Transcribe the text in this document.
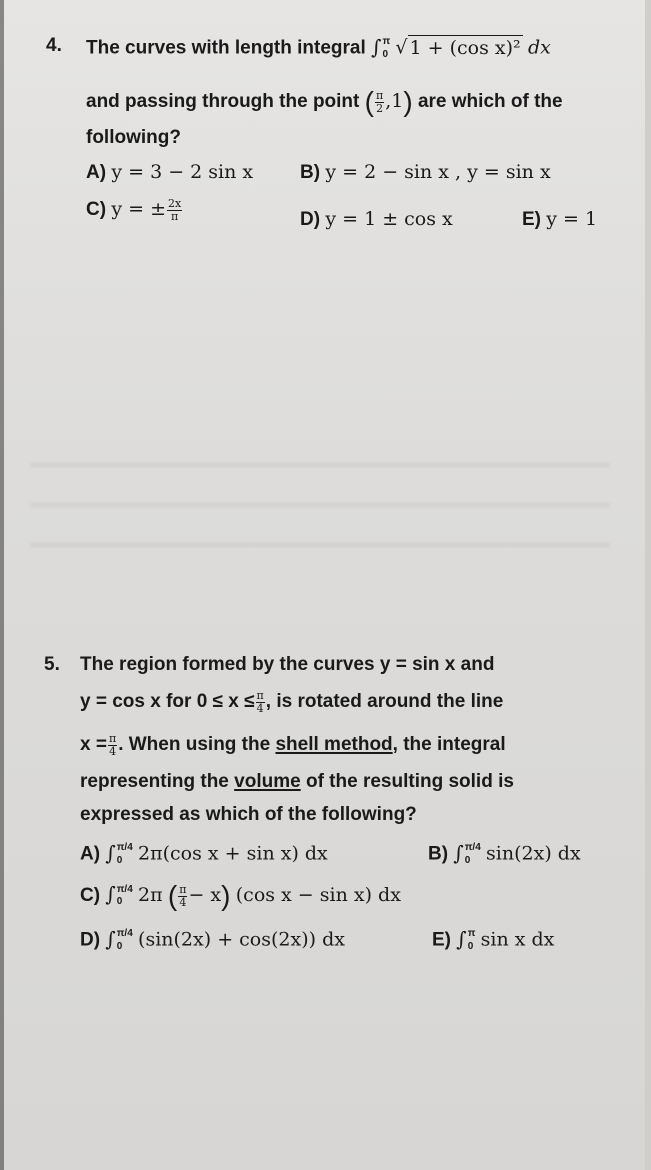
4. The curves with length integral ∫ π
0 √ 1 + (cos x)² dx
and passing through the point ( $\frac{\pi}{2} ,1$) are which of the
following?
A) y = 3 − 2 sin x B) y = 2 − sin x , y = sin x
C) y = ± $\frac{2x}{\pi}$	D) y = 1 ± cos x	E) y = 1
5. The region formed by the curves y = sin x and
y = cos x for $0 \le x \le \frac{\pi}{4}$ , is rotated around the line
$x = \frac{\pi}{4}$ . When using the shell method, the integral
representing the volume of the resulting solid is
expressed as which of the following?
A) ∫ π/4
0 2π(cos x + sin x) dx	B) ∫ π/4
0 sin(2x) dx
C) ∫ π/4
0 2π ( $\frac{\pi}{4} - x$) (cos x − sin x) dx
D) ∫ π/4
0 (sin(2x) + cos(2x)) dx	E) ∫ π
0 sin x dx
